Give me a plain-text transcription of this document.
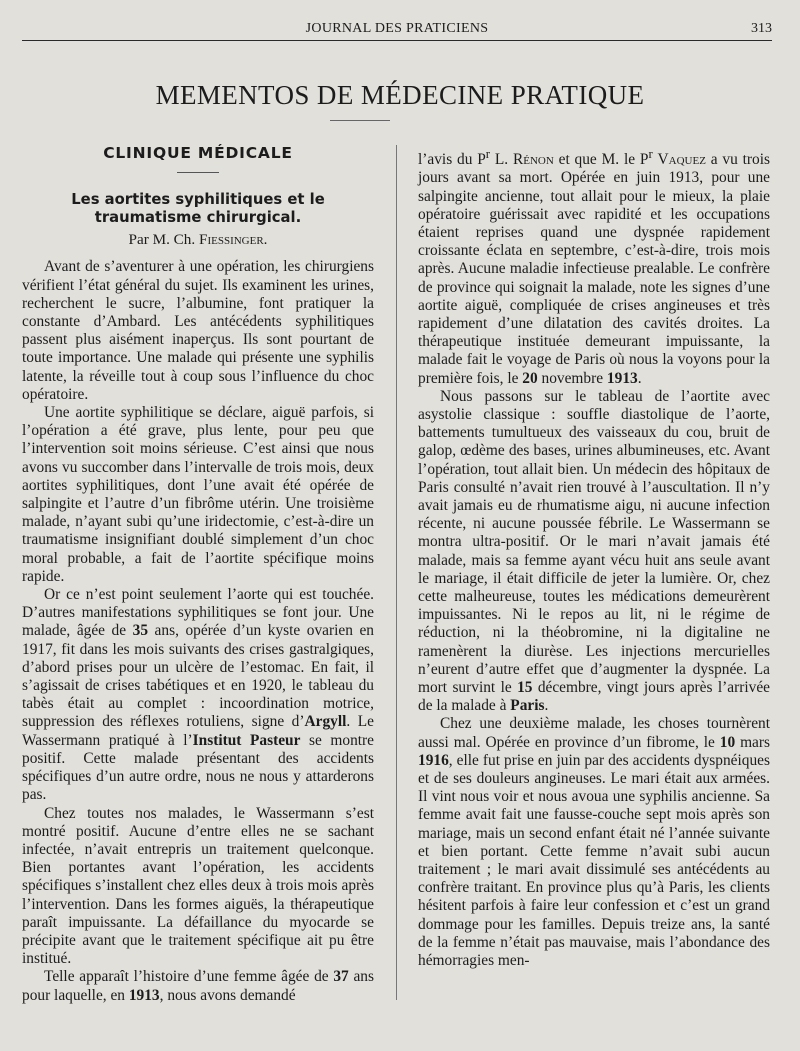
JOURNAL DES PRATICIENS	313
MEMENTOS DE MÉDECINE PRATIQUE
CLINIQUE MÉDICALE
Les aortites syphilitiques et le traumatisme chirurgical.
Par M. Ch. Fiessinger.

Avant de s’aventurer à une opération, les chirurgiens vérifient l’état général du sujet. Ils examinent les urines, recherchent le sucre, l’albumine, font pratiquer la constante d’Ambard. Les antécédents syphilitiques passent plus aisément inaperçus. Ils sont pourtant de toute importance. Une malade qui présente une syphilis latente, la réveille tout à coup sous l’influence du choc opératoire.

Une aortite syphilitique se déclare, aiguë parfois, si l’opération a été grave, plus lente, pour peu que l’intervention soit moins sérieuse. C’est ainsi que nous avons vu succomber dans l’intervalle de trois mois, deux aortites syphilitiques, dont l’une avait été opérée de salpingite et l’autre d’un fibrôme utérin. Une troisième malade, n’ayant subi qu’une iridectomie, c’est-à-dire un traumatisme insignifiant doublé simplement d’un choc moral probable, a fait de l’aortite spécifique moins rapide.

Or ce n’est point seulement l’aorte qui est touchée. D’autres manifestations syphilitiques se font jour. Une malade, âgée de 35 ans, opérée d’un kyste ovarien en 1917, fit dans les mois suivants des crises gastralgiques, d’abord prises pour un ulcère de l’estomac. En fait, il s’agissait de crises tabétiques et en 1920, le tableau du tabès était au complet : incoordination motrice, suppression des réflexes rotuliens, signe d’Argyll. Le Wassermann pratiqué à l’Institut Pasteur se montre positif. Cette malade présentant des accidents spécifiques d’un autre ordre, nous ne nous y attarderons pas.

Chez toutes nos malades, le Wassermann s’est montré positif. Aucune d’entre elles ne se sachant infectée, n’avait entrepris un traitement quelconque. Bien portantes avant l’opération, les accidents spécifiques s’installent chez elles deux à trois mois après l’intervention. Dans les formes aiguës, la thérapeutique paraît impuissante. La défaillance du myocarde se précipite avant que le traitement spécifique ait pu être institué.

Telle apparaît l’histoire d’une femme âgée de 37 ans pour laquelle, en 1913, nous avons demandé

l’avis du $P^r$ L. Rénon et que M. le $P^r$ Vaquez a vu trois jours avant sa mort. Opérée en juin 1913, pour une salpingite ancienne, tout allait pour le mieux, la plaie opératoire guérissait avec rapidité et les occupations étaient reprises quand une dyspnée rapidement croissante éclata en septembre, c’est-à-dire, trois mois après. Aucune maladie infectieuse prealable. Le confrère de province qui soignait la malade, note les signes d’une aortite aiguë, compliquée de crises angineuses et très rapidement d’une dilatation des cavités droites. La thérapeutique instituée demeurant impuissante, la malade fait le voyage de Paris où nous la voyons pour la première fois, le 20 novembre 1913.

Nous passons sur le tableau de l’aortite avec asystolie classique : souffle diastolique de l’aorte, battements tumultueux des vaisseaux du cou, bruit de galop, œdème des bases, urines albumineuses, etc. Avant l’opération, tout allait bien. Un médecin des hôpitaux de Paris consulté n’avait rien trouvé à l’auscultation. Il n’y avait jamais eu de rhumatisme aigu, ni aucune infection récente, ni aucune poussée fébrile. Le Wassermann se montra ultra-positif. Or le mari n’avait jamais été malade, mais sa femme ayant vécu huit ans seule avant le mariage, il était difficile de jeter la lumière. Or, chez cette malheureuse, toutes les médications demeurèrent impuissantes. Ni le repos au lit, ni le régime de réduction, ni la théobromine, ni la digitaline ne ramenèrent la diurèse. Les injections mercurielles n’eurent d’autre effet que d’augmenter la dyspnée. La mort survint le 15 décembre, vingt jours après l’arrivée de la malade à Paris.

Chez une deuxième malade, les choses tournèrent aussi mal. Opérée en province d’un fibrome, le 10 mars 1916, elle fut prise en juin par des accidents dyspnéiques et de ses douleurs angineuses. Le mari était aux armées. Il vint nous voir et nous avoua une syphilis ancienne. Sa femme avait fait une fausse-couche sept mois après son mariage, mais un second enfant était né l’année suivante et bien portant. Cette femme n’avait subi aucun traitement ; le mari avait dissimulé ses antécédents au confrère traitant. En province plus qu’à Paris, les clients hésitent parfois à faire leur confession et c’est un grand dommage pour les familles. Depuis treize ans, la santé de la femme n’était pas mauvaise, mais l’abondance des hémorragies men-
